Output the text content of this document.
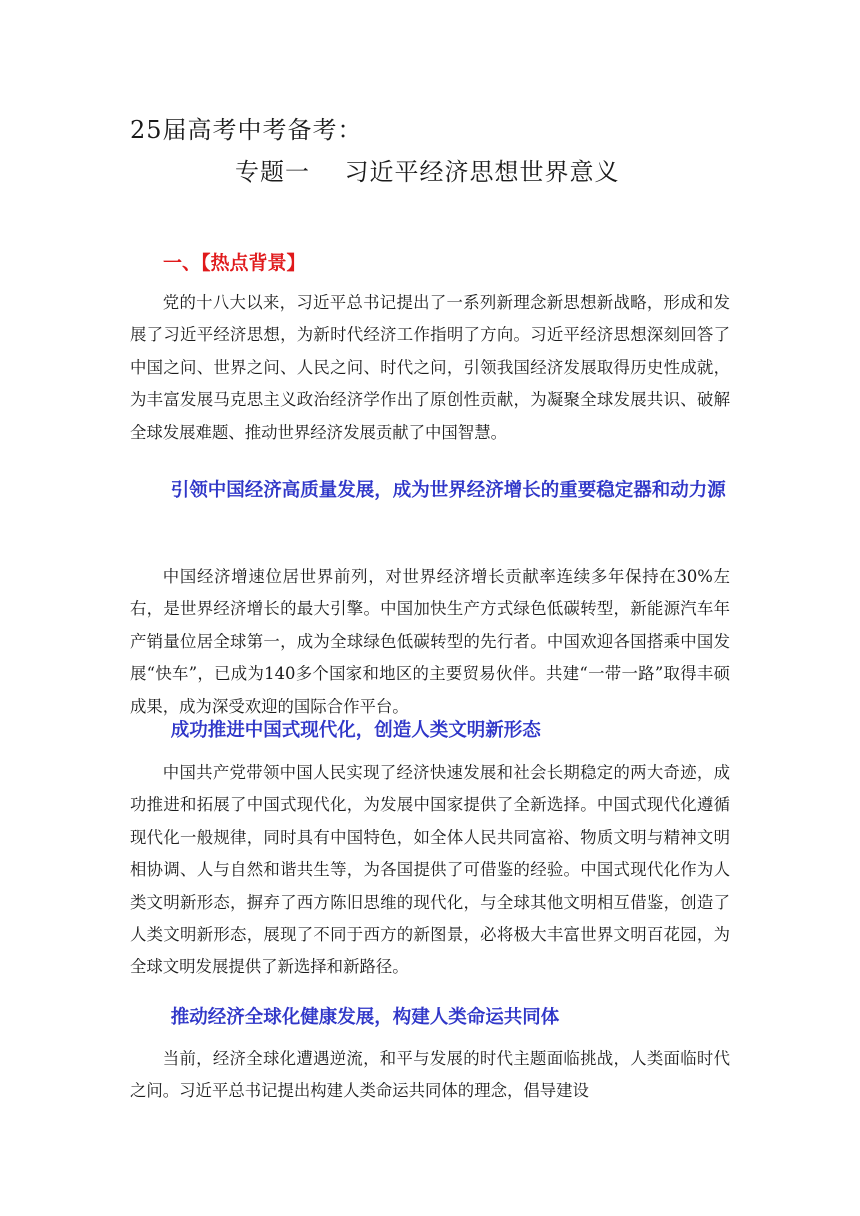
25届高考中考备考：
专题一    习近平经济思想世界意义
一、【热点背景】
党的十八大以来，习近平总书记提出了一系列新理念新思想新战略，形成和发展了习近平经济思想，为新时代经济工作指明了方向。习近平经济思想深刻回答了中国之问、世界之问、人民之问、时代之问，引领我国经济发展取得历史性成就，为丰富发展马克思主义政治经济学作出了原创性贡献，为凝聚全球发展共识、破解全球发展难题、推动世界经济发展贡献了中国智慧。
引领中国经济高质量发展，成为世界经济增长的重要稳定器和动力源
中国经济增速位居世界前列，对世界经济增长贡献率连续多年保持在30%左右，是世界经济增长的最大引擎。中国加快生产方式绿色低碳转型，新能源汽车年产销量位居全球第一，成为全球绿色低碳转型的先行者。中国欢迎各国搭乘中国发展“快车”，已成为140多个国家和地区的主要贸易伙伴。共建“一带一路”取得丰硕成果，成为深受欢迎的国际合作平台。
成功推进中国式现代化，创造人类文明新形态
中国共产党带领中国人民实现了经济快速发展和社会长期稳定的两大奇迹，成功推进和拓展了中国式现代化，为发展中国家提供了全新选择。中国式现代化遵循现代化一般规律，同时具有中国特色，如全体人民共同富裕、物质文明与精神文明相协调、人与自然和谐共生等，为各国提供了可借鉴的经验。中国式现代化作为人类文明新形态，摒弃了西方陈旧思维的现代化，与全球其他文明相互借鉴，创造了人类文明新形态，展现了不同于西方的新图景，必将极大丰富世界文明百花园，为全球文明发展提供了新选择和新路径。
推动经济全球化健康发展，构建人类命运共同体
当前，经济全球化遭遇逆流，和平与发展的时代主题面临挑战，人类面临时代之问。习近平总书记提出构建人类命运共同体的理念，倡导建设
